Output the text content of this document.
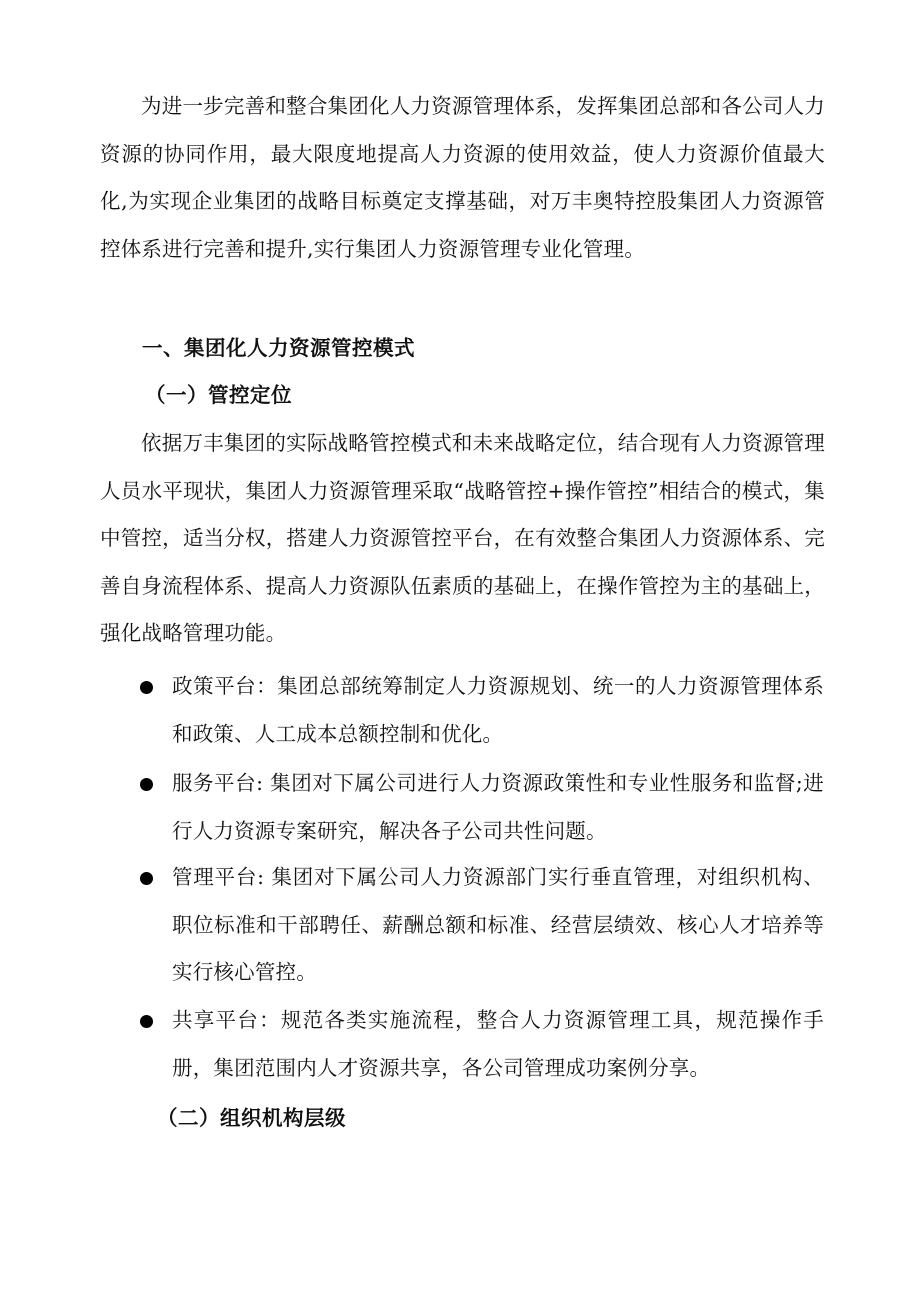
为进一步完善和整合集团化人力资源管理体系，发挥集团总部和各公司人力资源的协同作用，最大限度地提高人力资源的使用效益，使人力资源价值最大化,为实现企业集团的战略目标奠定支撑基础，对万丰奥特控股集团人力资源管控体系进行完善和提升,实行集团人力资源管理专业化管理。
一、集团化人力资源管控模式
（一）管控定位
依据万丰集团的实际战略管控模式和未来战略定位，结合现有人力资源管理人员水平现状，集团人力资源管理采取“战略管控+操作管控”相结合的模式，集中管控，适当分权，搭建人力资源管控平台，在有效整合集团人力资源体系、完善自身流程体系、提高人力资源队伍素质的基础上，在操作管控为主的基础上，强化战略管理功能。
政策平台：集团总部统筹制定人力资源规划、统一的人力资源管理体系和政策、人工成本总额控制和优化。
服务平台: 集团对下属公司进行人力资源政策性和专业性服务和监督;进行人力资源专案研究，解决各子公司共性问题。
管理平台: 集团对下属公司人力资源部门实行垂直管理，对组织机构、职位标准和干部聘任、薪酬总额和标准、经营层绩效、核心人才培养等实行核心管控。
共享平台：规范各类实施流程，整合人力资源管理工具，规范操作手册，集团范围内人才资源共享，各公司管理成功案例分享。
（二）组织机构层级
